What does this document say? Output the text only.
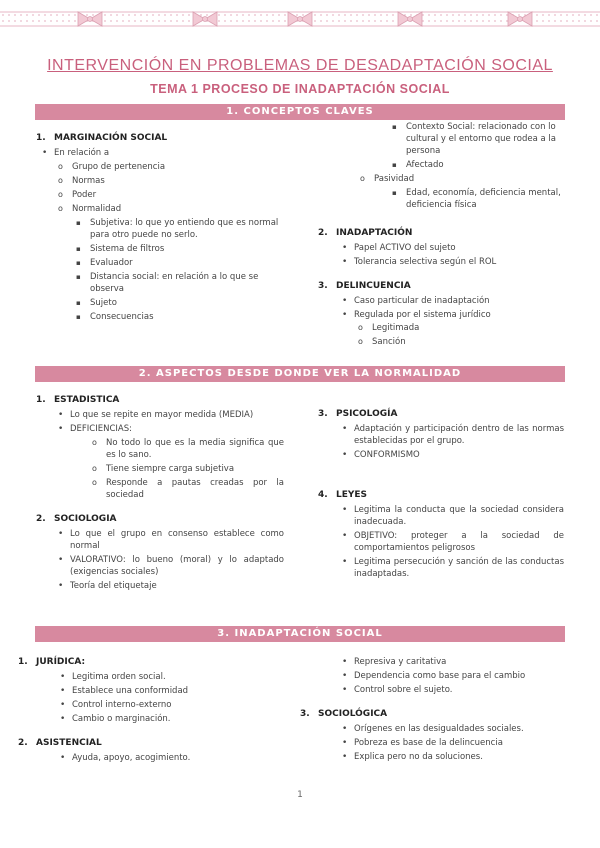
INTERVENCIÓN EN PROBLEMAS DE DESADAPTACIÓN SOCIAL
TEMA 1 PROCESO DE INADAPTACIÓN SOCIAL
1. CONCEPTOS CLAVES
1. MARGINACIÓN SOCIAL
• En relación a
o Grupo de pertenencia
o Normas
o Poder
o Normalidad
▪ Subjetiva: lo que yo entiendo que es normal para otro puede no serlo.
▪ Sistema de filtros
▪ Evaluador
▪ Distancia social: en relación a lo que se observa
▪ Sujeto
▪ Consecuencias
▪ Contexto Social: relacionado con lo cultural y el entorno que rodea a la persona
▪ Afectado
o Pasividad
▪ Edad, economía, deficiencia mental, deficiencia física
2. INADAPTACIÓN
• Papel ACTIVO del sujeto
• Tolerancia selectiva según el ROL
3. DELINCUENCIA
• Caso particular de inadaptación
• Regulada por el sistema jurídico
o Legitimada
o Sanción
2. ASPECTOS DESDE DONDE VER LA NORMALIDAD
1. ESTADISTICA
• Lo que se repite en mayor medida (MEDIA)
• DEFICIENCIAS:
o No todo lo que es la media significa que es lo sano.
o Tiene siempre carga subjetiva
o Responde a pautas creadas por la sociedad
2. SOCIOLOGIA
• Lo que el grupo en consenso establece como normal
• VALORATIVO: lo bueno (moral) y lo adaptado (exigencias sociales)
• Teoría del etiquetaje
3. PSICOLOGÍA
• Adaptación y participación dentro de las normas establecidas por el grupo.
• CONFORMISMO
4. LEYES
• Legitima la conducta que la sociedad considera inadecuada.
• OBJETIVO: proteger a la sociedad de comportamientos peligrosos
• Legitima persecución y sanción de las conductas inadaptadas.
3. INADAPTACIÓN SOCIAL
1. JURÍDICA:
• Legitima orden social.
• Establece una conformidad
• Control interno-externo
• Cambio o marginación.
2. ASISTENCIAL
• Ayuda, apoyo, acogimiento.
• Represiva y caritativa
• Dependencia como base para el cambio
• Control sobre el sujeto.
3. SOCIOLÓGICA
• Orígenes en las desigualdades sociales.
• Pobreza es base de la delincuencia
• Explica pero no da soluciones.
1
